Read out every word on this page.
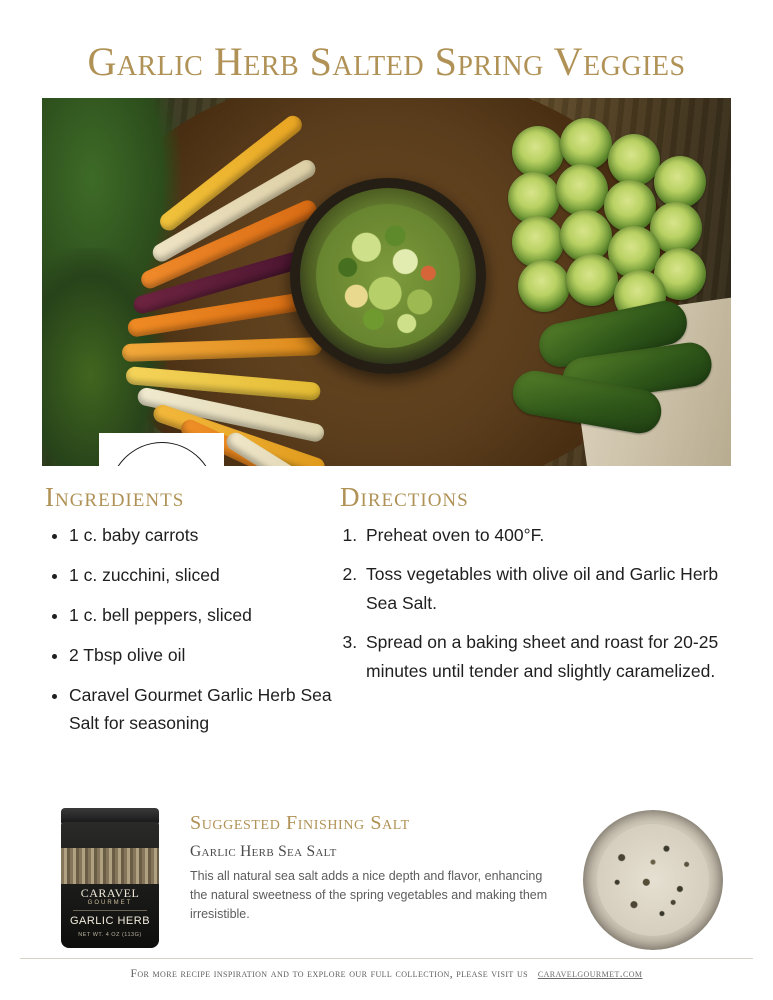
Garlic Herb Salted Spring Veggies
Ingredients
• 1 c. baby carrots
• 1 c. zucchini, sliced
• 1 c. bell peppers, sliced
• 2 Tbsp olive oil
• Caravel Gourmet Garlic Herb Sea Salt for seasoning
Directions
1. Preheat oven to 400°F.
2. Toss vegetables with olive oil and Garlic Herb Sea Salt.
3. Spread on a baking sheet and roast for 20-25 minutes until tender and slightly caramelized.
CARAVEL
GOURMET
GARLIC HERB
NET WT. 4 OZ (113G)
Suggested Finishing Salt
Garlic Herb Sea Salt
This all natural sea salt adds a nice depth and flavor, enhancing the natural sweetness of the spring vegetables and making them irresistible.
For more recipe inspiration and to explore our full collection, please visit us caravelgourmet.com
